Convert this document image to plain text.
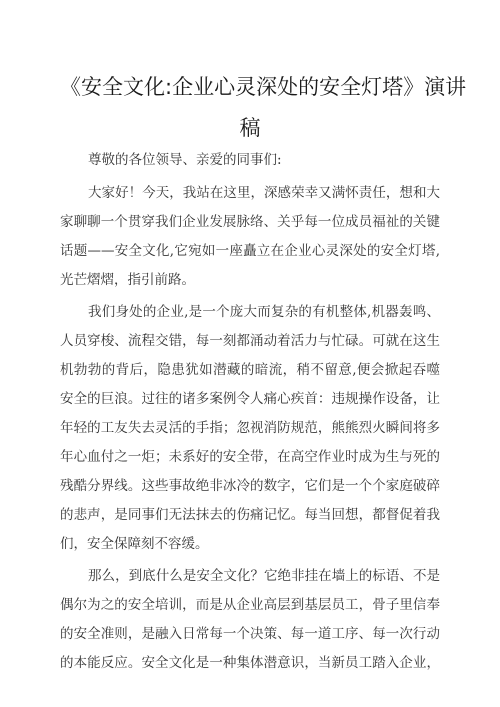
《安全文化:企业心灵深处的安全灯塔》演讲
稿
尊敬的各位领导、亲爱的同事们:
大家好！今天，我站在这里，深感荣幸又满怀责任，想和大
家聊聊一个贯穿我们企业发展脉络、关乎每一位成员福祉的关键
话题——安全文化,它宛如一座矗立在企业心灵深处的安全灯塔,
光芒熠熠，指引前路。
我们身处的企业,是一个庞大而复杂的有机整体,机器轰鸣、
人员穿梭、流程交错，每一刻都涌动着活力与忙碌。可就在这生
机勃勃的背后，隐患犹如潜藏的暗流，稍不留意,便会掀起吞噬
安全的巨浪。过往的诸多案例令人痛心疾首：违规操作设备，让
年轻的工友失去灵活的手指；忽视消防规范，熊熊烈火瞬间将多
年心血付之一炬；未系好的安全带，在高空作业时成为生与死的
残酷分界线。这些事故绝非冰冷的数字，它们是一个个家庭破碎
的悲声，是同事们无法抹去的伤痛记忆。每当回想，都督促着我
们，安全保障刻不容缓。
那么，到底什么是安全文化？它绝非挂在墙上的标语、不是
偶尔为之的安全培训，而是从企业高层到基层员工，骨子里信奉
的安全准则，是融入日常每一个决策、每一道工序、每一次行动
的本能反应。安全文化是一种集体潜意识，当新员工踏入企业，
